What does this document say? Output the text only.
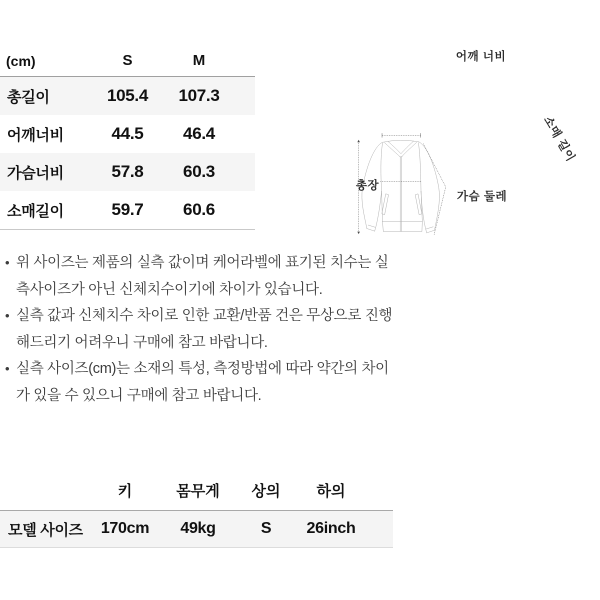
(cm)	S	M	
총길이	105.4	107.3	
어깨너비	44.5	46.4	
가슴너비	57.8	60.3	
소매길이	59.7	60.6	
어깨 너비
총장
소매 길이
가슴 둘레
• 위 사이즈는 제품의 실측 값이며 케어라벨에 표기된 치수는 실측사이즈가 아닌 신체치수이기에 차이가 있습니다.
• 실측 값과 신체치수 차이로 인한 교환/반품 건은 무상으로 진행해드리기 어려우니 구매에 참고 바랍니다.
• 실측 사이즈(cm)는 소재의 특성, 측정방법에 따라 약간의 차이가 있을 수 있으니 구매에 참고 바랍니다.
	키	몸무게	상의	하의	
모델 사이즈	170cm	49kg	S	26inch	
